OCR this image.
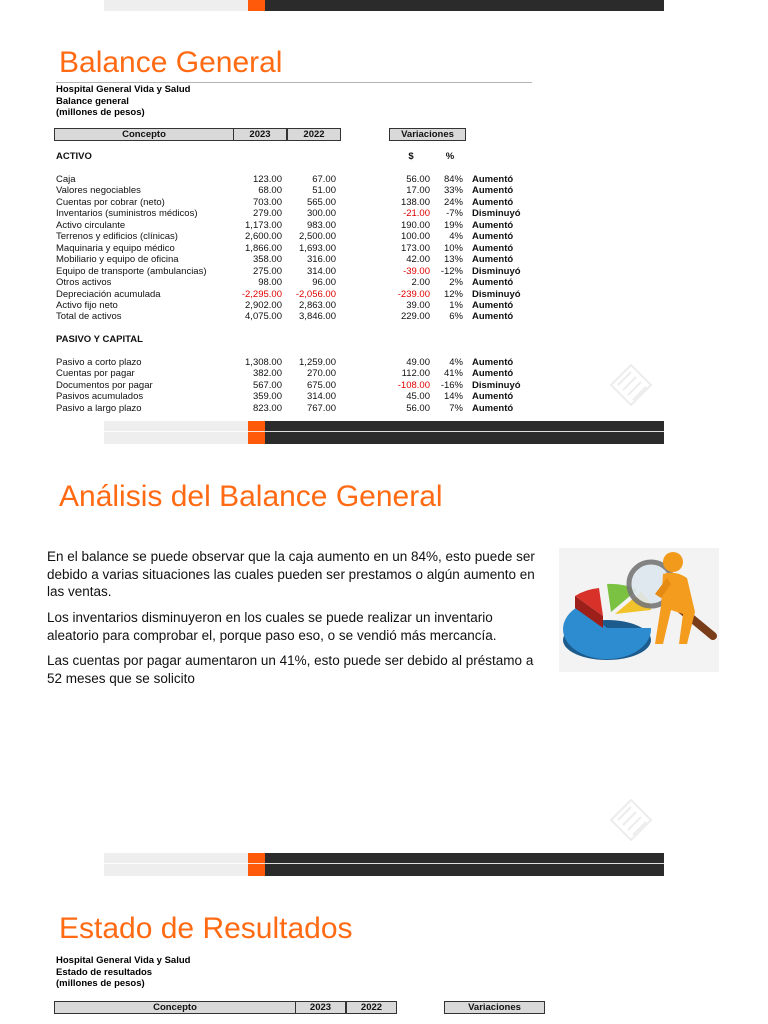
Balance General
Hospital General Vida y Salud
Balance general
(millones de pesos)
Concepto	2023	2022	Variaciones
ACTIVO	$	%
Caja	123.00	67.00	56.00 84% Aumentó
Valores negociables	68.00	51.00	17.00 33% Aumentó
Cuentas por cobrar (neto)	703.00	565.00	138.00 24% Aumentó
Inventarios (suministros médicos)	279.00	300.00	-21.00 -7% Disminuyó
Activo circulante	1,173.00	983.00	190.00 19% Aumentó
Terrenos y edificios (clínicas)	2,600.00 2,500.00	100.00 4% Aumentó
Maquinaria y equipo médico	1,866.00 1,693.00	173.00 10% Aumentó
Mobiliario y equipo de oficina	358.00	316.00	42.00 13% Aumentó
Equipo de transporte (ambulancias)	275.00	314.00	-39.00 -12% Disminuyó
Otros activos	98.00	96.00	2.00 2% Aumentó
Depreciación acumulada	-2,295.00 -2,056.00	-239.00 12% Disminuyó
Activo fijo neto	2,902.00 2,863.00	39.00 1% Aumentó
Total de activos	4,075.00 3,846.00	229.00 6% Aumentó
PASIVO Y CAPITAL
Pasivo a corto plazo	1,308.00 1,259.00	49.00 4% Aumentó
Cuentas por pagar	382.00	270.00	112.00 41% Aumentó
Documentos por pagar	567.00	675.00	-108.00 -16% Disminuyó
Pasivos acumulados	359.00	314.00	45.00 14% Aumentó
Pasivo a largo plazo	823.00	767.00	56.00 7% Aumentó
Análisis del Balance General

En el balance se puede observar que la caja aumento en un 84%, esto puede ser debido a varias situaciones las cuales pueden ser prestamos o algún aumento en las ventas.

Los inventarios disminuyeron en los cuales se puede realizar un inventario aleatorio para comprobar el, porque paso eso, o se vendió más mercancía.

Las cuentas por pagar aumentaron un 41%, esto puede ser debido al préstamo a 52 meses que se solicito

Estado de Resultados
Hospital General Vida y Salud
Estado de resultados
(millones de pesos)
Concepto	2023	2022	Variaciones
